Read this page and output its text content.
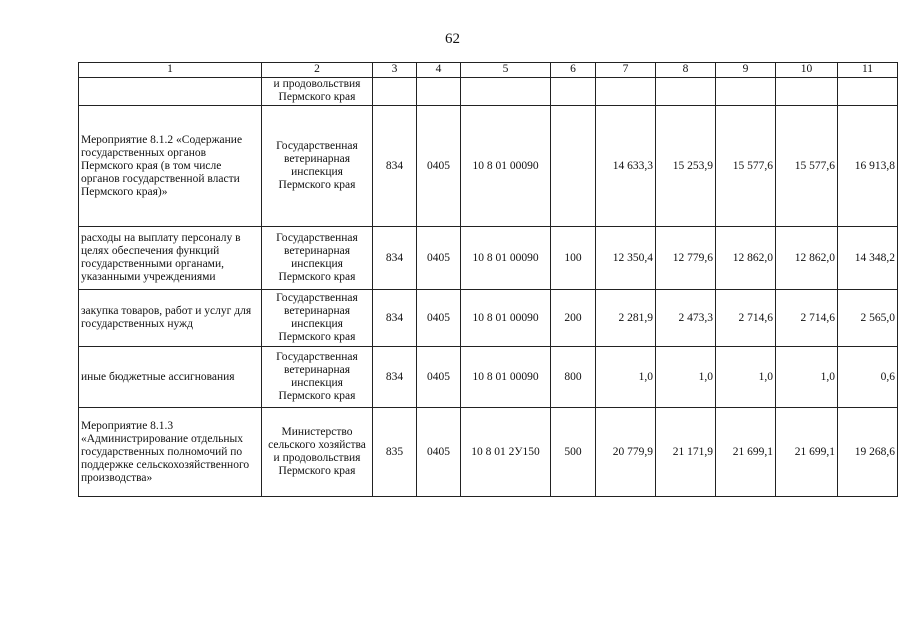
62
1	2	3	4	5	6	7	8	9	10	11
	и продовольствия Пермского края									
Мероприятие 8.1.2 «Содержание государственных органов Пермского края (в том числе органов государственной власти Пермского края)»	Государственная ветеринарная инспекция Пермского края	834	0405	10 8 01 00090		14 633,3	15 253,9	15 577,6	15 577,6	16 913,8
расходы на выплату персоналу в целях обеспечения функций государственными органами, указанными учреждениями	Государственная ветеринарная инспекция Пермского края	834	0405	10 8 01 00090	100	12 350,4	12 779,6	12 862,0	12 862,0	14 348,2
закупка товаров, работ и услуг для государственных нужд	Государственная ветеринарная инспекция Пермского края	834	0405	10 8 01 00090	200	2 281,9	2 473,3	2 714,6	2 714,6	2 565,0
иные бюджетные ассигнования	Государственная ветеринарная инспекция Пермского края	834	0405	10 8 01 00090	800	1,0	1,0	1,0	1,0	0,6
Мероприятие 8.1.3 «Администрирование отдельных государственных полномочий по поддержке сельскохозяйственного производства»	Министерство сельского хозяйства и продовольствия Пермского края	835	0405	10 8 01 2У150	500	20 779,9	21 171,9	21 699,1	21 699,1	19 268,6
